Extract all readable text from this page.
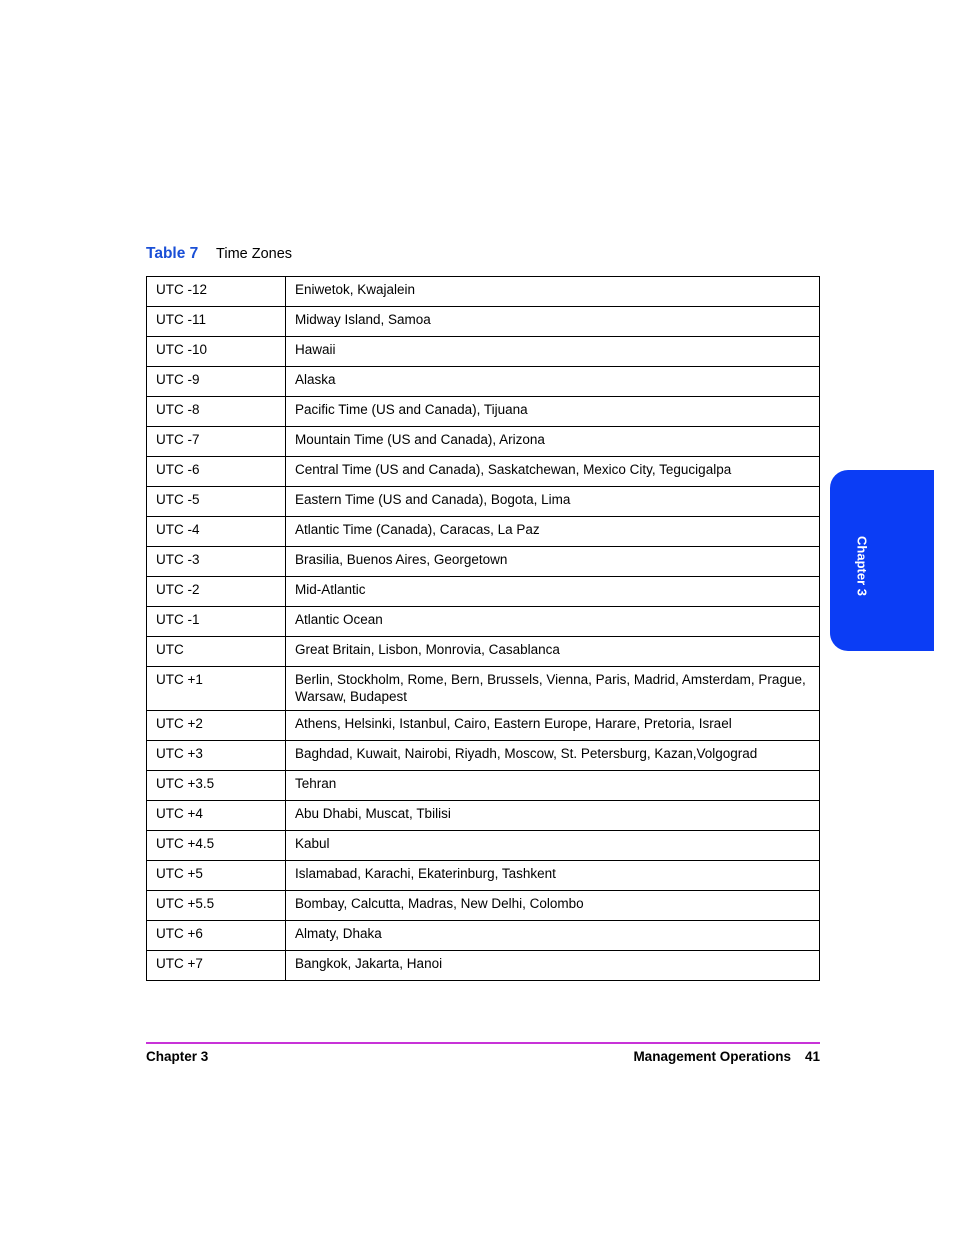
Table 7 Time Zones
UTC -12	Eniwetok, Kwajalein
UTC -11	Midway Island, Samoa
UTC -10	Hawaii
UTC -9	Alaska
UTC -8	Pacific Time (US and Canada), Tijuana
UTC -7	Mountain Time (US and Canada), Arizona
UTC -6	Central Time (US and Canada), Saskatchewan, Mexico City, Tegucigalpa
UTC -5	Eastern Time (US and Canada), Bogota, Lima
UTC -4	Atlantic Time (Canada), Caracas, La Paz
UTC -3	Brasilia, Buenos Aires, Georgetown
UTC -2	Mid-Atlantic
UTC -1	Atlantic Ocean
UTC	Great Britain, Lisbon, Monrovia, Casablanca
UTC +1	Berlin, Stockholm, Rome, Bern, Brussels, Vienna, Paris, Madrid, Amsterdam, Prague, Warsaw, Budapest
UTC +2	Athens, Helsinki, Istanbul, Cairo, Eastern Europe, Harare, Pretoria, Israel
UTC +3	Baghdad, Kuwait, Nairobi, Riyadh, Moscow, St. Petersburg, Kazan,Volgograd
UTC +3.5	Tehran
UTC +4	Abu Dhabi, Muscat, Tbilisi
UTC +4.5	Kabul
UTC +5	Islamabad, Karachi, Ekaterinburg, Tashkent
UTC +5.5	Bombay, Calcutta, Madras, New Delhi, Colombo
UTC +6	Almaty, Dhaka
UTC +7	Bangkok, Jakarta, Hanoi
Chapter 3
Chapter 3	Management Operations 41
